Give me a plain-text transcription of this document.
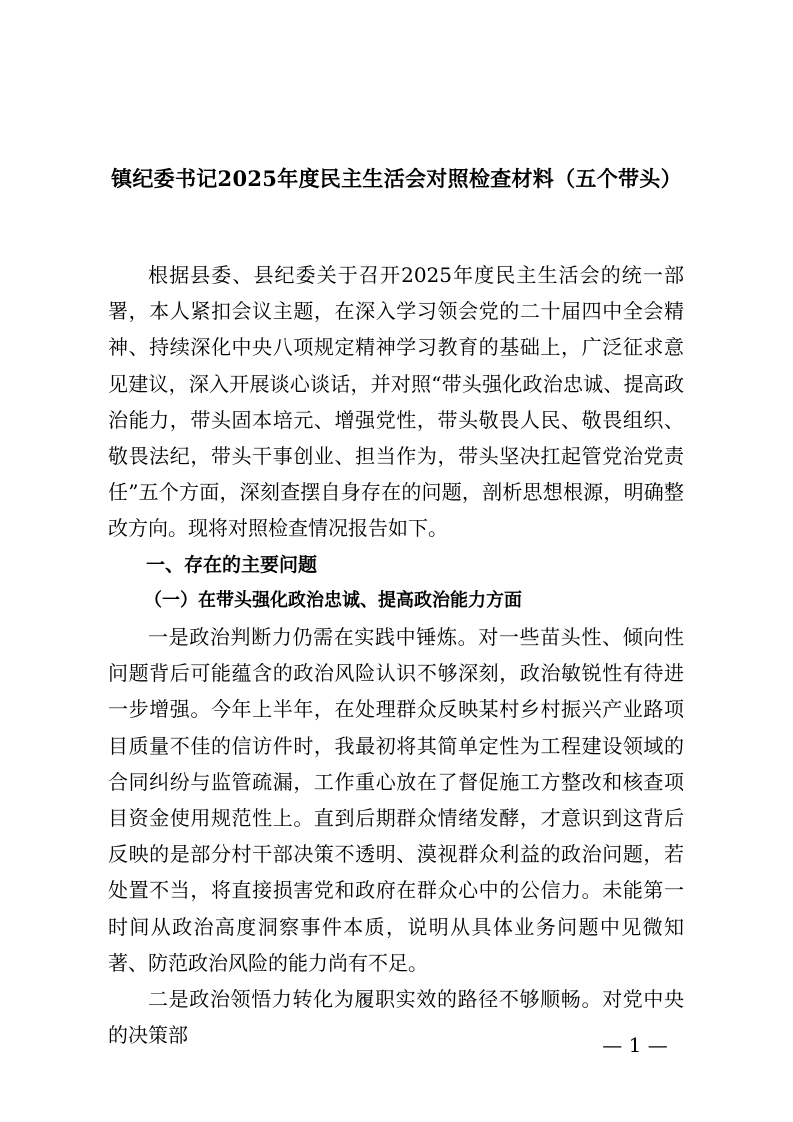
镇纪委书记2025年度民主生活会对照检查材料（五个带头）

根据县委、县纪委关于召开2025年度民主生活会的统一部署，本人紧扣会议主题，在深入学习领会党的二十届四中全会精神、持续深化中央八项规定精神学习教育的基础上，广泛征求意见建议，深入开展谈心谈话，并对照“带头强化政治忠诚、提高政治能力，带头固本培元、增强党性，带头敬畏人民、敬畏组织、敬畏法纪，带头干事创业、担当作为，带头坚决扛起管党治党责任”五个方面，深刻查摆自身存在的问题，剖析思想根源，明确整改方向。现将对照检查情况报告如下。

一、存在的主要问题

（一）在带头强化政治忠诚、提高政治能力方面

一是政治判断力仍需在实践中锤炼。对一些苗头性、倾向性问题背后可能蕴含的政治风险认识不够深刻，政治敏锐性有待进一步增强。今年上半年，在处理群众反映某村乡村振兴产业路项目质量不佳的信访件时，我最初将其简单定性为工程建设领域的合同纠纷与监管疏漏，工作重心放在了督促施工方整改和核查项目资金使用规范性上。直到后期群众情绪发酵，才意识到这背后反映的是部分村干部决策不透明、漠视群众利益的政治问题，若处置不当，将直接损害党和政府在群众心中的公信力。未能第一时间从政治高度洞察事件本质，说明从具体业务问题中见微知著、防范政治风险的能力尚有不足。

二是政治领悟力转化为履职实效的路径不够顺畅。对党中央的决策部	— 1 —
